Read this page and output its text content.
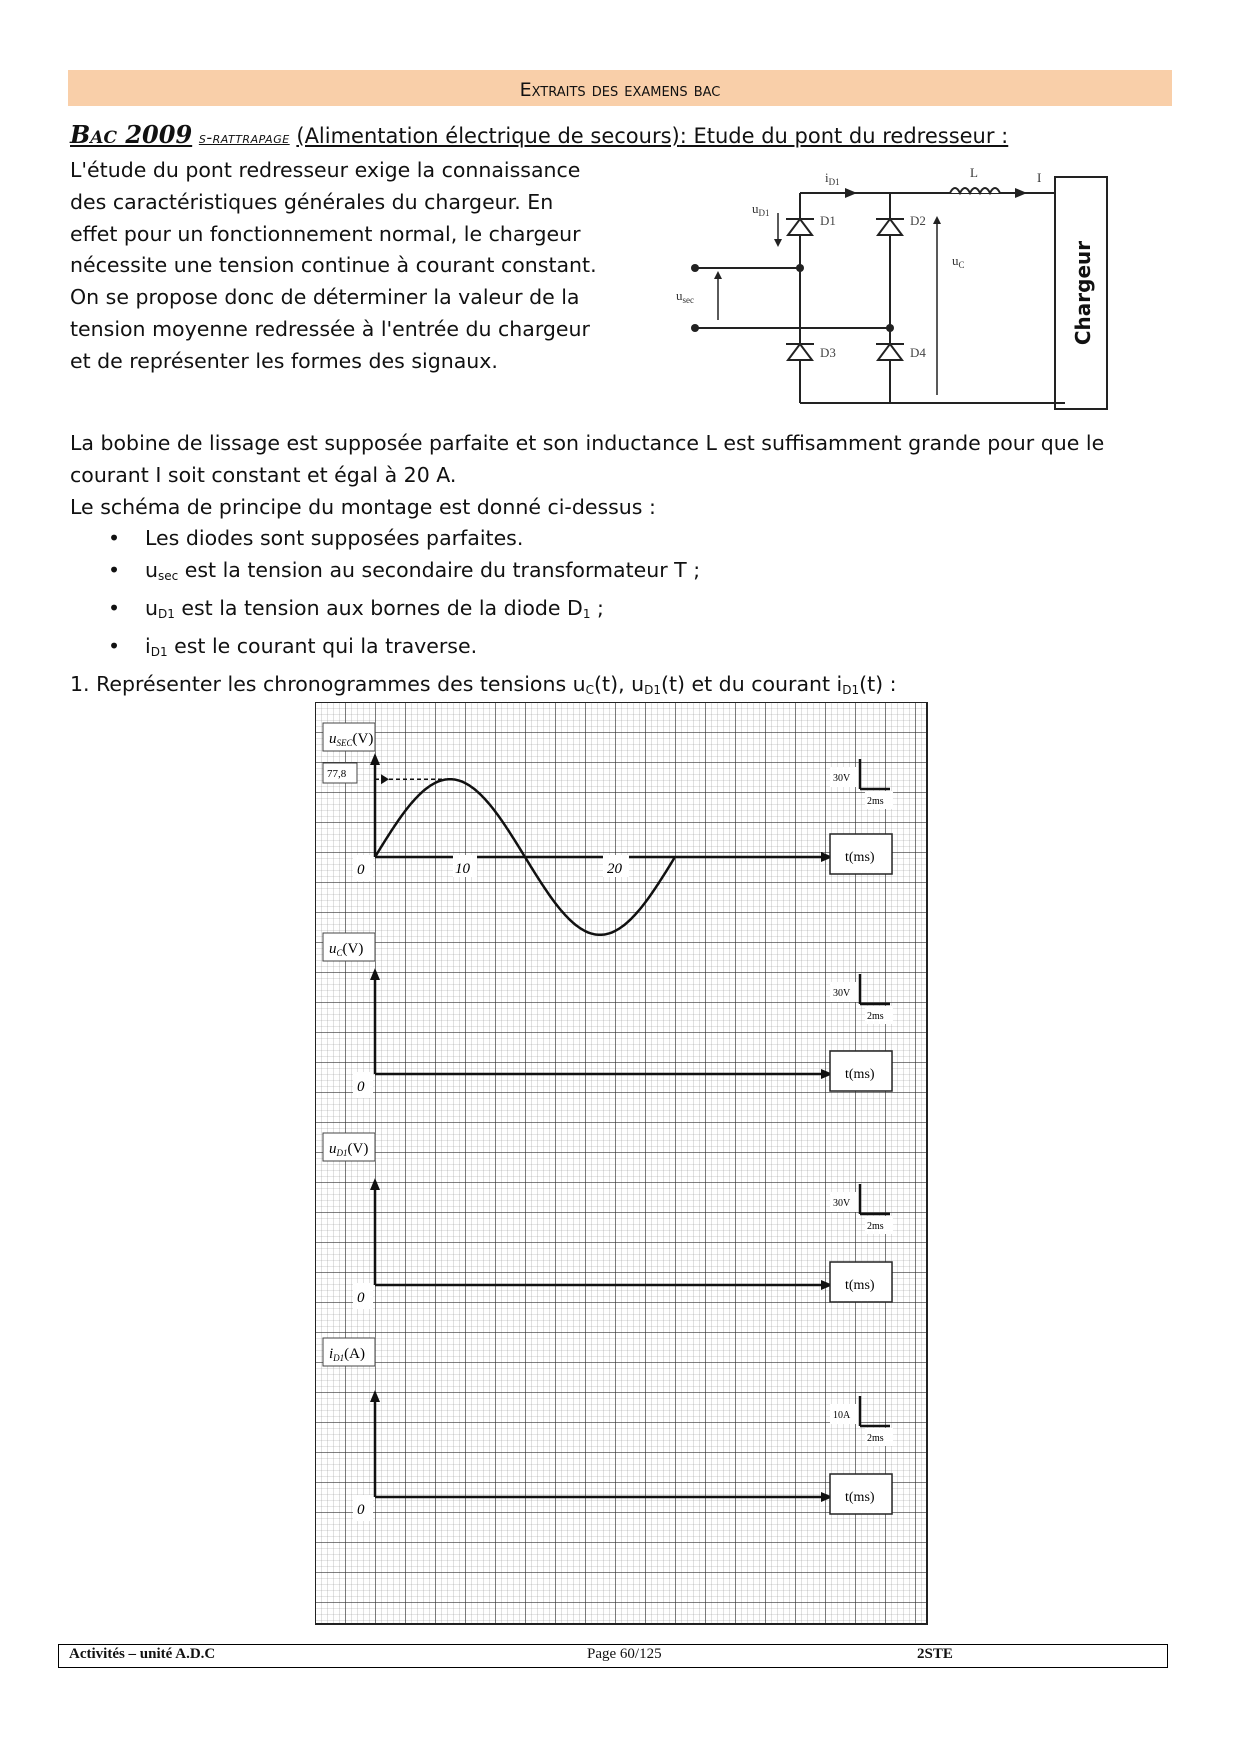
Extraits des examens bac
Bac 2009 s-rattrapage (Alimentation électrique de secours): Etude du pont du redresseur :

L'étude du pont redresseur exige la connaissance

des caractéristiques générales du chargeur. En

effet pour un fonctionnement normal, le chargeur

nécessite une tension continue à courant constant.

On se propose donc de déterminer la valeur de la

tension moyenne redressée à l'entrée du chargeur

et de représenter les formes des signaux.

$i_{D1}$
L	I
$u_{D1}$
$u_{sec}$
$u_C$
D1	D2
D3	D4
Chargeur

La bobine de lissage est supposée parfaite et son inductance L est suffisamment grande pour que le

courant I soit constant et égal à 20 A.

Le schéma de principe du montage est donné ci-dessus :

• Les diodes sont supposées parfaites.
• $u_{sec}$ est la tension au secondaire du transformateur T ;
• $u_{D1}$ est la tension aux bornes de la diode $D_1$ ;
• $i_{D1}$ est le courant qui la traverse.

1. Représenter les chronogrammes des tensions $u_C(t)$, $u_{D1}(t)$ et du courant $i_{D1}(t)$ :

$u_{SEC}(V)$
0
t(ms)
30V
2ms
77,8
10	20
$u_C(V)$
0
t(ms)
30V
2ms
$u_{D1}(V)$
0
t(ms)
30V
2ms
$i_{D1}(A)$
0
t(ms)
10A
2ms
Activités – unité A.D.C	Page 60/125	2STE
